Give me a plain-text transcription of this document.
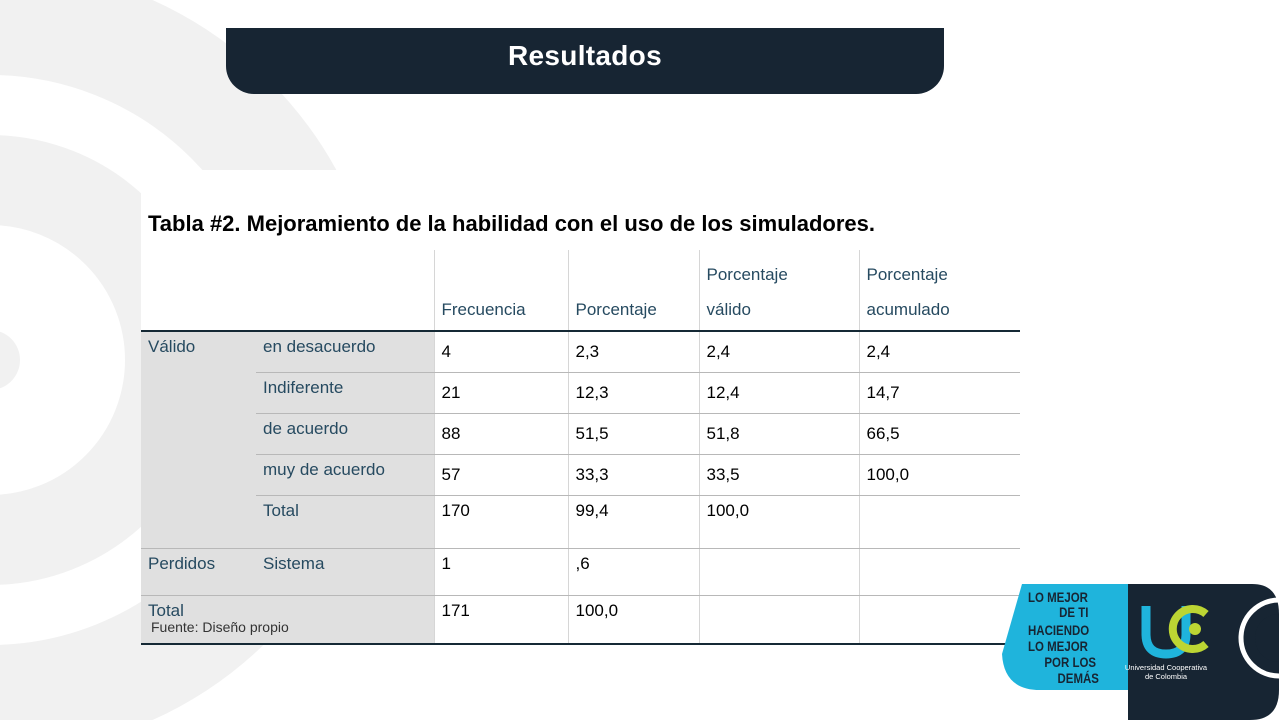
Resultados
Tabla #2. Mejoramiento de la habilidad con el uso de los simuladores.
				Porcentaje	Porcentaje
		Frecuencia	Porcentaje	válido	acumulado
Válido	en desacuerdo	4	2,3	2,4	2,4
	Indiferente	21	12,3	12,4	14,7
	de acuerdo	88	51,5	51,8	66,5
	muy de acuerdo	57	33,3	33,5	100,0
	Total	170	99,4	100,0	
Perdidos	Sistema	1	,6		
Total		171	100,0		
Fuente: Diseño propio
LO MEJOR
DE TI
HACIENDO
LO MEJOR
POR LOS
DEMÁS
Universidad Cooperativa
de Colombia
